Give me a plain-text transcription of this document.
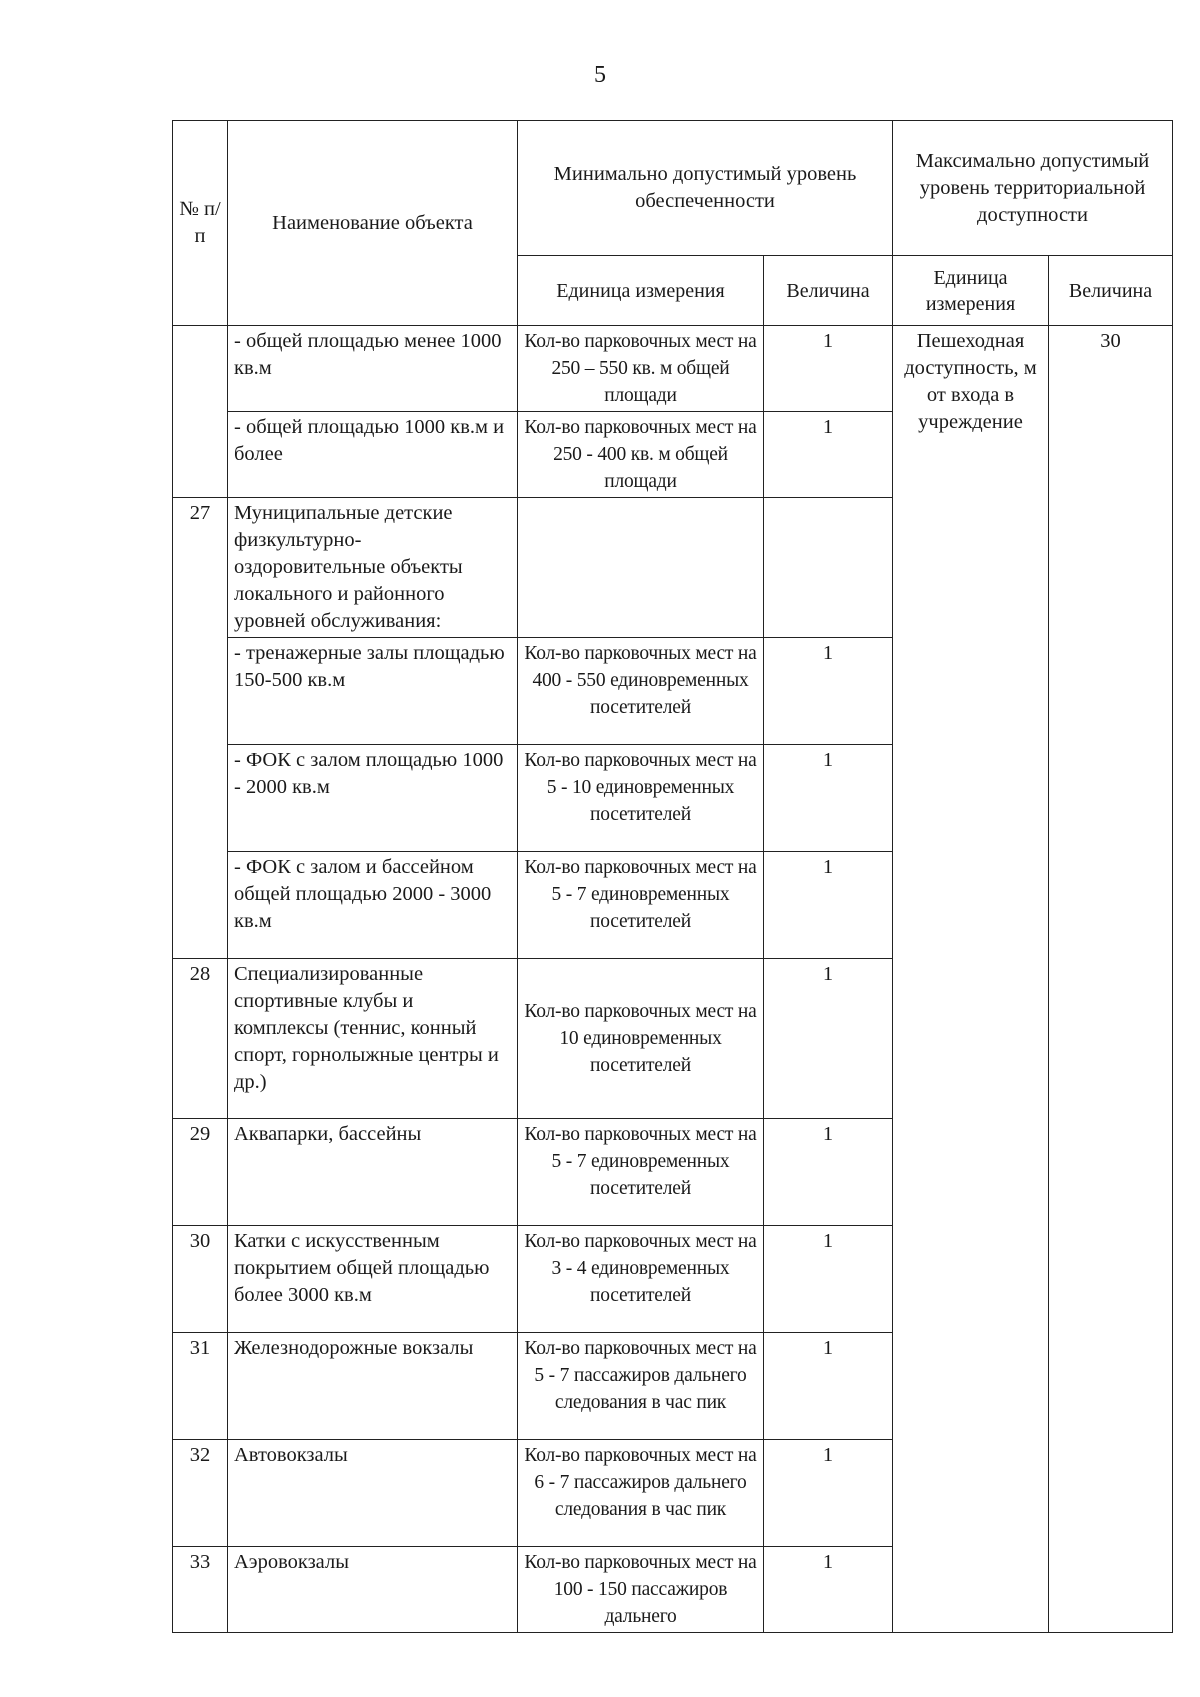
5
№ п/п	Наименование объекта	Минимально допустимый уровень обеспеченности		Максимально допустимый уровень территориальной доступности	
		Единица измерения	Величина	Единица измерения	Величина
	- общей площадью менее 1000 кв.м	Кол-во парковочных мест на 250 – 550 кв. м общей площади	1	Пешеходная доступность, м от входа в учреждение	30
	- общей площадью 1000 кв.м и более	Кол-во парковочных мест на 250 - 400 кв. м общей площади	1		
27	Муниципальные детские физкультурно-оздоровительные объекты локального и районного уровней обслуживания:				
	- тренажерные залы площадью 150-500 кв.м	Кол-во парковочных мест на 400 - 550 единовременных посетителей	1		
	- ФОК с залом площадью 1000 - 2000 кв.м	Кол-во парковочных мест на 5 - 10 единовременных посетителей	1		
	- ФОК с залом и бассейном общей площадью 2000 - 3000 кв.м	Кол-во парковочных мест на 5 - 7 единовременных посетителей	1		
28	Специализированные спортивные клубы и комплексы (теннис, конный спорт, горнолыжные центры и др.)	Кол-во парковочных мест на 10 единовременных посетителей	1		
29	Аквапарки, бассейны	Кол-во парковочных мест на 5 - 7 единовременных посетителей	1		
30	Катки с искусственным покрытием общей площадью более 3000 кв.м	Кол-во парковочных мест на 3 - 4 единовременных посетителей	1		
31	Железнодорожные вокзалы	Кол-во парковочных мест на 5 - 7 пассажиров дальнего следования в час пик	1		
32	Автовокзалы	Кол-во парковочных мест на 6 - 7 пассажиров дальнего следования в час пик	1		
33	Аэровокзалы	Кол-во парковочных мест на 100 - 150 пассажиров дальнего	1		
